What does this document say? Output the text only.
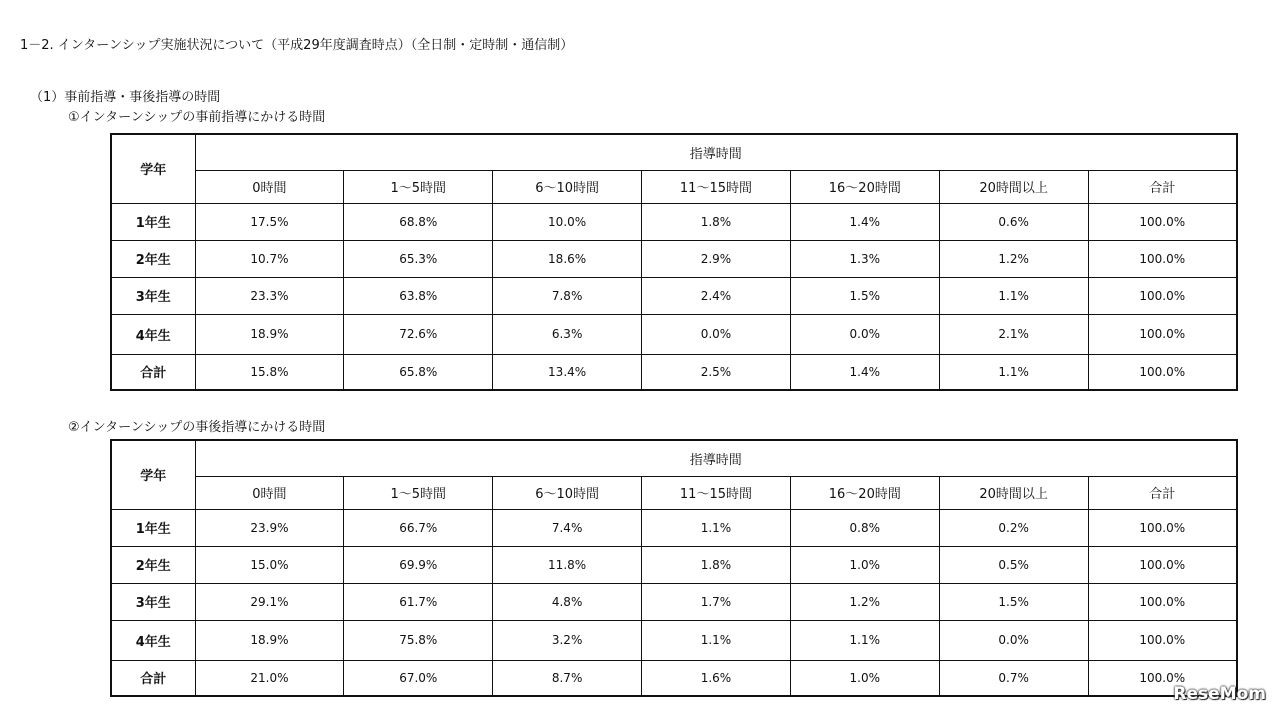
1－2. インターンシップ実施状況について（平成29年度調査時点）（全日制・定時制・通信制）
（1）事前指導・事後指導の時間
①インターンシップの事前指導にかける時間
②インターンシップの事後指導にかける時間
学年	指導時間						
	0時間	1～5時間	6～10時間	11～15時間	16～20時間	20時間以上	合計
1年生	17.5%	68.8%	10.0%	1.8%	1.4%	0.6%	100.0%
2年生	10.7%	65.3%	18.6%	2.9%	1.3%	1.2%	100.0%
3年生	23.3%	63.8%	7.8%	2.4%	1.5%	1.1%	100.0%
4年生	18.9%	72.6%	6.3%	0.0%	0.0%	2.1%	100.0%
合計	15.8%	65.8%	13.4%	2.5%	1.4%	1.1%	100.0%
学年	指導時間						
	0時間	1～5時間	6～10時間	11～15時間	16～20時間	20時間以上	合計
1年生	23.9%	66.7%	7.4%	1.1%	0.8%	0.2%	100.0%
2年生	15.0%	69.9%	11.8%	1.8%	1.0%	0.5%	100.0%
3年生	29.1%	61.7%	4.8%	1.7%	1.2%	1.5%	100.0%
4年生	18.9%	75.8%	3.2%	1.1%	1.1%	0.0%	100.0%
合計	21.0%	67.0%	8.7%	1.6%	1.0%	0.7%	100.0%
ReseMom
